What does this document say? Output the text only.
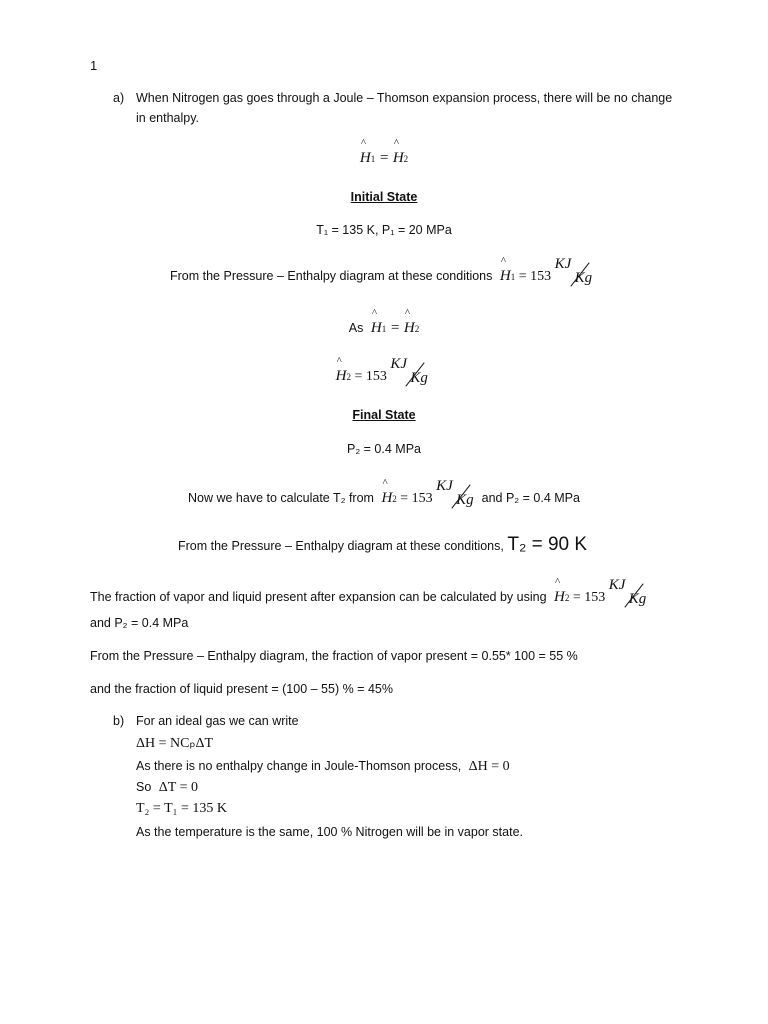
1
a) When Nitrogen gas goes through a Joule – Thomson expansion process, there will be no change
in enthalpy.
^ H1 = ^ H2
Initial State
T₁ = 135 K, P₁ = 20 MPa
From the Pressure – Enthalpy diagram at these conditions ^ H1 = 153
KJ
Kg
As ^ H1 = ^ H2
^ H2 = 153
KJ
Kg
Final State
P₂ = 0.4 MPa
Now we have to calculate T₂ from ^ H2 = 153
KJ
Kg and P₂ = 0.4 MPa
From the Pressure – Enthalpy diagram at these conditions, T₂ = 90 K
The fraction of vapor and liquid present after expansion can be calculated by using ^ H2 = 153
KJ
Kg
and P₂ = 0.4 MPa
From the Pressure – Enthalpy diagram, the fraction of vapor present = 0.55* 100 = 55 %
and the fraction of liquid present = (100 – 55) % = 45%
b) For an ideal gas we can write
ΔH = NCₚΔT
As there is no enthalpy change in Joule-Thomson process, ΔH = 0
So ΔT = 0
T₂ = T₁ = 135 K
As the temperature is the same, 100 % Nitrogen will be in vapor state.
